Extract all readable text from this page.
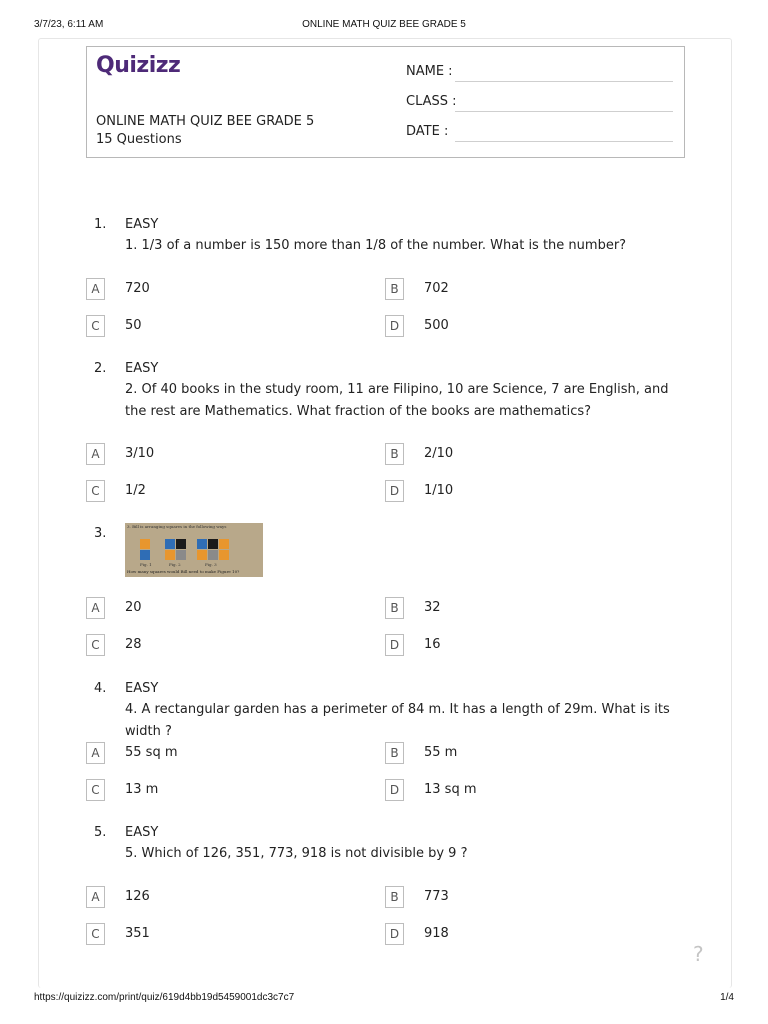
3/7/23, 6:11 AM	ONLINE MATH QUIZ BEE GRADE 5
Quizizz
ONLINE MATH QUIZ BEE GRADE 5
15 Questions
NAME :
CLASS :
DATE :
1. EASY
1. 1/3 of a number is 150 more than 1/8 of the number. What is the number?
A	720	B	702
C	50	D	500
2. EASY
2. Of 40 books in the study room, 11 are Filipino, 10 are Science, 7 are English, and the rest are Mathematics. What fraction of the books are mathematics?
A	3/10	B	2/10
C	1/2	D	1/10
3.	3. Bill is arranging squares in the following ways
Fig. 1	Fig. 2	Fig. 3
How many squares would Bill need to make Figure 10?
A	20	B	32
C	28	D	16
4. EASY
4. A rectangular garden has a perimeter of 84 m. It has a length of 29m. What is its width ?
A	55 sq m	B	55 m
C	13 m	D	13 sq m
5. EASY
5. Which of 126, 351, 773, 918 is not divisible by 9 ?
A	126	B	773
C	351	D	918
?
https://quizizz.com/print/quiz/619d4bb19d5459001dc3c7c7	1/4
